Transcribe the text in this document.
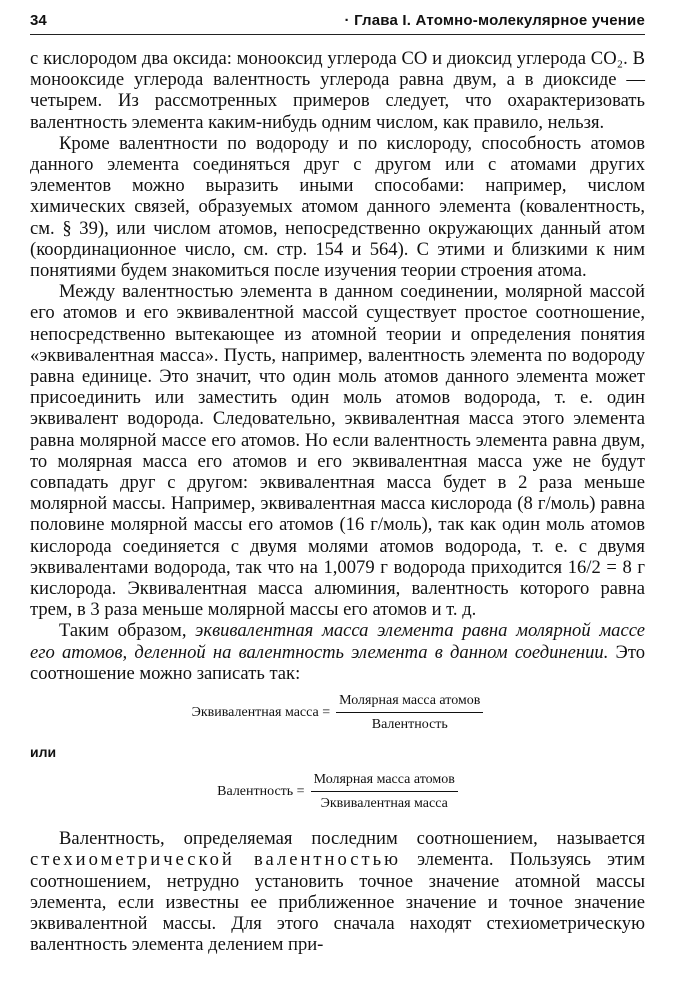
34	· Глава I. Атомно-молекулярное учение

с кислородом два оксида: монооксид углерода CO и диоксид углерода CO₂. В монооксиде углерода валентность углерода равна двум, а в диоксиде — четырем. Из рассмотренных примеров следует, что охарактеризовать валентность элемента каким-нибудь одним числом, как правило, нельзя.

Кроме валентности по водороду и по кислороду, способность атомов данного элемента соединяться друг с другом или с атомами других элементов можно выразить иными способами: например, числом химических связей, образуемых атомом данного элемента (ковалентность, см. § 39), или числом атомов, непосредственно окружающих данный атом (координационное число, см. стр. 154 и 564). С этими и близкими к ним понятиями будем знакомиться после изучения теории строения атома.

Между валентностью элемента в данном соединении, молярной массой его атомов и его эквивалентной массой существует простое соотношение, непосредственно вытекающее из атомной теории и определения понятия «эквивалентная масса». Пусть, например, валентность элемента по водороду равна единице. Это значит, что один моль атомов данного элемента может присоединить или заместить один моль атомов водорода, т. е. один эквивалент водорода. Следовательно, эквивалентная масса этого элемента равна молярной массе его атомов. Но если валентность элемента равна двум, то молярная масса его атомов и его эквивалентная масса уже не будут совпадать друг с другом: эквивалентная масса будет в 2 раза меньше молярной массы. Например, эквивалентная масса кислорода (8 г/моль) равна половине молярной массы его атомов (16 г/моль), так как один моль атомов кислорода соединяется с двумя молями атомов водорода, т. е. с двумя эквивалентами водорода, так что на 1,0079 г водорода приходится 16/2 = 8 г кислорода. Эквивалентная масса алюминия, валентность которого равна трем, в 3 раза меньше молярной массы его атомов и т. д.

Таким образом, эквивалентная масса элемента равна молярной массе его атомов, деленной на валентность элемента в данном соединении. Это соотношение можно записать так:

Эквивалентная масса = $\frac{\text{Молярная масса атомов}}{\text{Валентность}}$
или
Валентность = $\frac{\text{Молярная масса атомов}}{\text{Эквивалентная масса}}$

Валентность, определяемая последним соотношением, называется стехиометрической валентностью элемента. Пользуясь этим соотношением, нетрудно установить точное значение атомной массы элемента, если известны ее приближенное значение и точное значение эквивалентной массы. Для этого сначала находят стехиометрическую валентность элемента делением при-
